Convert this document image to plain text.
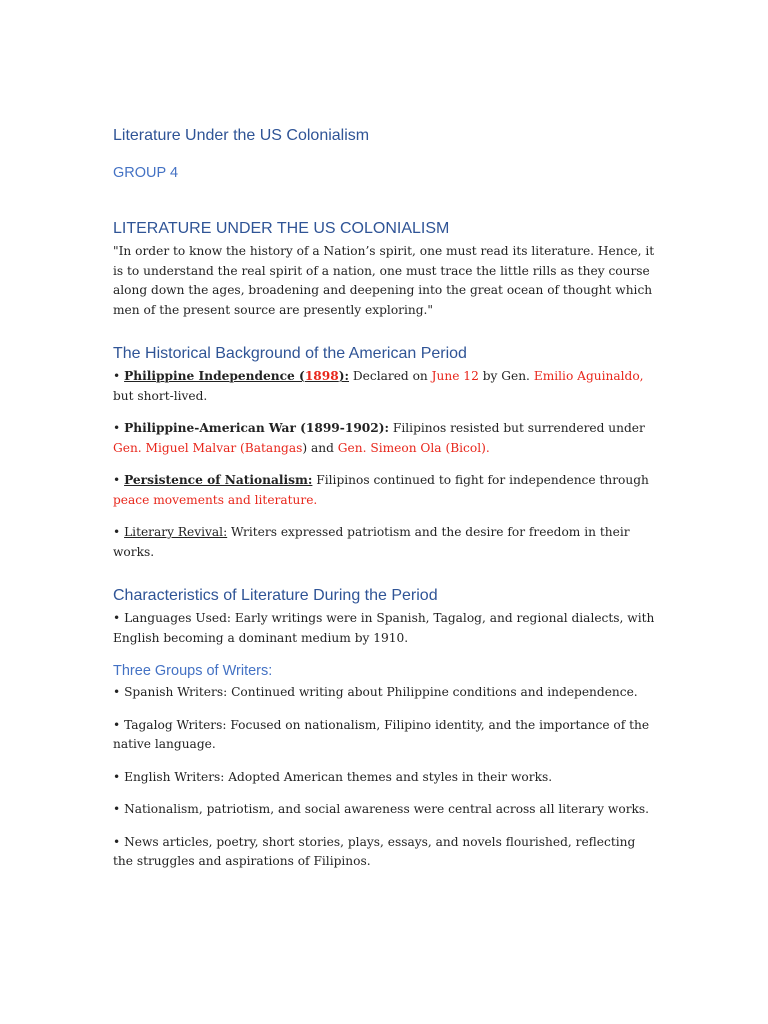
Literature Under the US Colonialism
GROUP 4
LITERATURE UNDER THE US COLONIALISM

"In order to know the history of a Nation’s spirit, one must read its literature. Hence, it is to understand the real spirit of a nation, one must trace the little rills as they course along down the ages, broadening and deepening into the great ocean of thought which men of the present source are presently exploring."

The Historical Background of the American Period

• Philippine Independence (1898): Declared on June 12 by Gen. Emilio Aguinaldo, but short-lived.

• Philippine-American War (1899-1902): Filipinos resisted but surrendered under Gen. Miguel Malvar (Batangas) and Gen. Simeon Ola (Bicol).

• Persistence of Nationalism: Filipinos continued to fight for independence through peace movements and literature.

• Literary Revival: Writers expressed patriotism and the desire for freedom in their works.

Characteristics of Literature During the Period

• Languages Used: Early writings were in Spanish, Tagalog, and regional dialects, with English becoming a dominant medium by 1910.

Three Groups of Writers:

• Spanish Writers: Continued writing about Philippine conditions and independence.

• Tagalog Writers: Focused on nationalism, Filipino identity, and the importance of the native language.

• English Writers: Adopted American themes and styles in their works.

• Nationalism, patriotism, and social awareness were central across all literary works.

• News articles, poetry, short stories, plays, essays, and novels flourished, reflecting the struggles and aspirations of Filipinos.
